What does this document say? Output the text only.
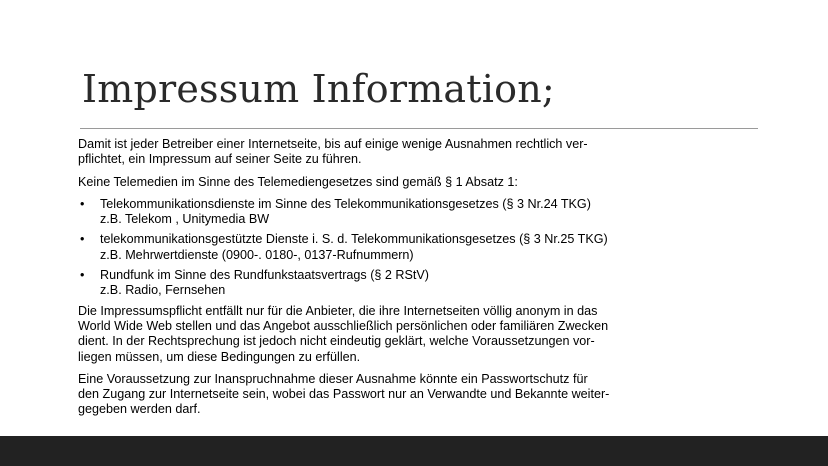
Impressum Information;

Damit ist jeder Betreiber einer Internetseite, bis auf einige wenige Ausnahmen rechtlich ver-
pflichtet, ein Impressum auf seiner Seite zu führen.

Keine Telemedien im Sinne des Telemediengesetzes sind gemäß § 1 Absatz 1:

• Telekommunikationsdienste im Sinne des Telekommunikationsgesetzes (§ 3 Nr.24 TKG)
z.B. Telekom , Unitymedia BW
• telekommunikationsgestützte Dienste i. S. d. Telekommunikationsgesetzes (§ 3 Nr.25 TKG)
z.B. Mehrwertdienste (0900-. 0180-, 0137-Rufnummern)
• Rundfunk im Sinne des Rundfunkstaatsvertrags (§ 2 RStV)
z.B. Radio, Fernsehen

Die Impressumspflicht entfällt nur für die Anbieter, die ihre Internetseiten völlig anonym in das
World Wide Web stellen und das Angebot ausschließlich persönlichen oder familiären Zwecken
dient. In der Rechtsprechung ist jedoch nicht eindeutig geklärt, welche Voraussetzungen vor-
liegen müssen, um diese Bedingungen zu erfüllen.

Eine Voraussetzung zur Inanspruchnahme dieser Ausnahme könnte ein Passwortschutz für
den Zugang zur Internetseite sein, wobei das Passwort nur an Verwandte und Bekannte weiter-
gegeben werden darf.
